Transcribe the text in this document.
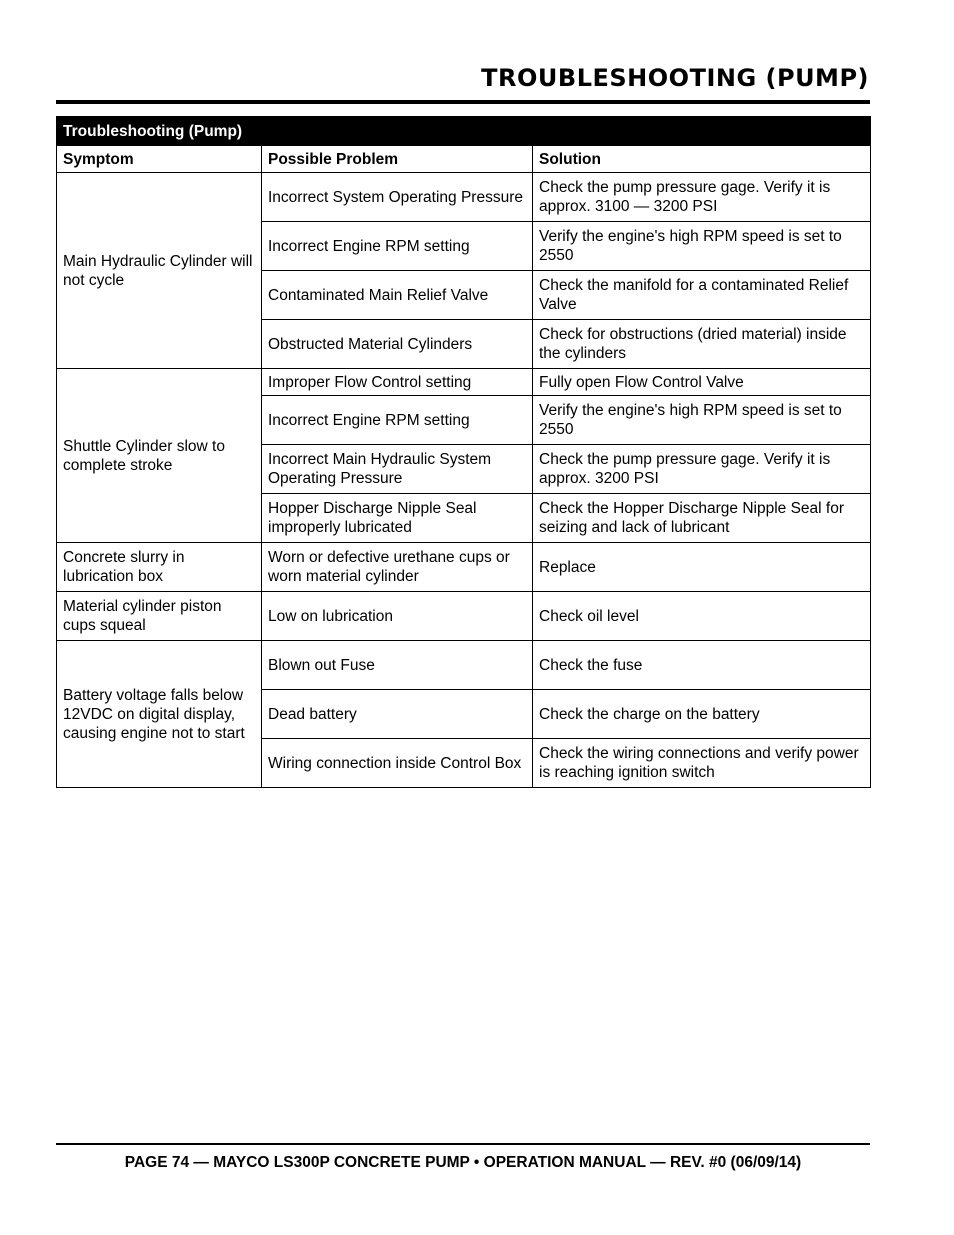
TROUBLESHOOTING (PUMP)
Troubleshooting (Pump)		
Symptom	Possible Problem	Solution
Main Hydraulic Cylinder will not cycle	Incorrect System Operating Pressure	Check the pump pressure gage. Verify it is approx. 3100 — 3200 PSI
	Incorrect Engine RPM setting	Verify the engine's high RPM speed is set to 2550
	Contaminated Main Relief Valve	Check the manifold for a contaminated Relief Valve
	Obstructed Material Cylinders	Check for obstructions (dried material) inside the cylinders
Shuttle Cylinder slow to complete stroke	Improper Flow Control setting	Fully open Flow Control Valve
	Incorrect Engine RPM setting	Verify the engine's high RPM speed is set to 2550
	Incorrect Main Hydraulic System Operating Pressure	Check the pump pressure gage. Verify it is approx. 3200 PSI
	Hopper Discharge Nipple Seal improperly lubricated	Check the Hopper Discharge Nipple Seal for seizing and lack of lubricant
Concrete slurry in lubrication box	Worn or defective urethane cups or worn material cylinder	Replace
Material cylinder piston cups squeal	Low on lubrication	Check oil level
Battery voltage falls below 12VDC on digital display, causing engine not to start	Blown out Fuse	Check the fuse
	Dead battery	Check the charge on the battery
	Wiring connection inside Control Box	Check the wiring connections and verify power is reaching ignition switch
PAGE 74 — MAYCO LS300P CONCRETE PUMP • OPERATION MANUAL — REV. #0 (06/09/14)
